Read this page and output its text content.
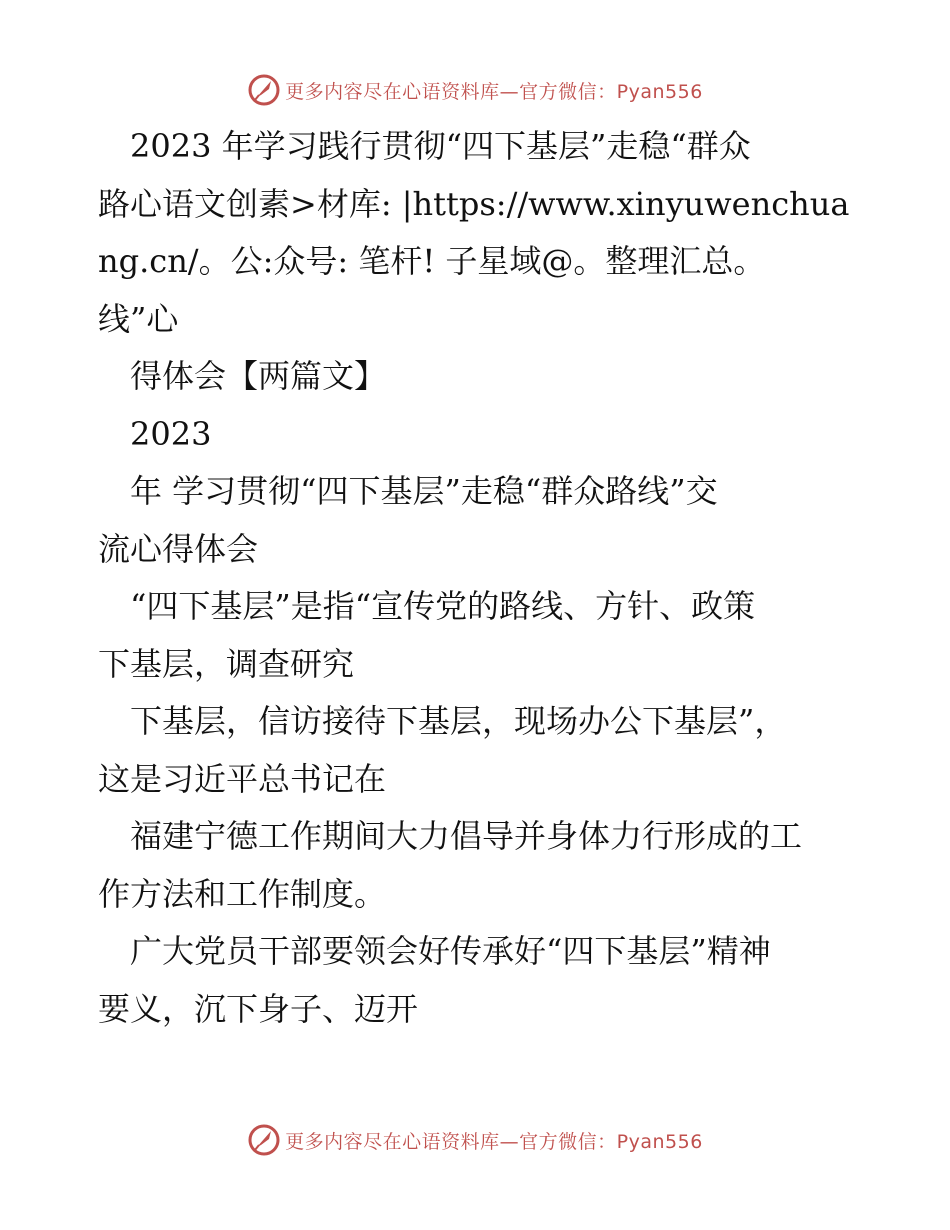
更多内容尽在心语资料库—官方微信：Pyan556
　2023 年学习践行贯彻“四下基层”走稳“群众
路心语文创素>材库: |https://www.xinyuwenchua
ng.cn/。公:众号: 笔杆! 子星域@。整理汇总。
线”心
　得体会【两篇文】
　2023
　年 学习贯彻“四下基层”走稳“群众路线”交
流心得体会
　“四下基层”是指“宣传党的路线、方针、政策
下基层，调查研究
　下基层，信访接待下基层，现场办公下基层”，
这是习近平总书记在
　福建宁德工作期间大力倡导并身体力行形成的工
作方法和工作制度。
　广大党员干部要领会好传承好“四下基层”精神
要义，沉下身子、迈开
更多内容尽在心语资料库—官方微信：Pyan556
